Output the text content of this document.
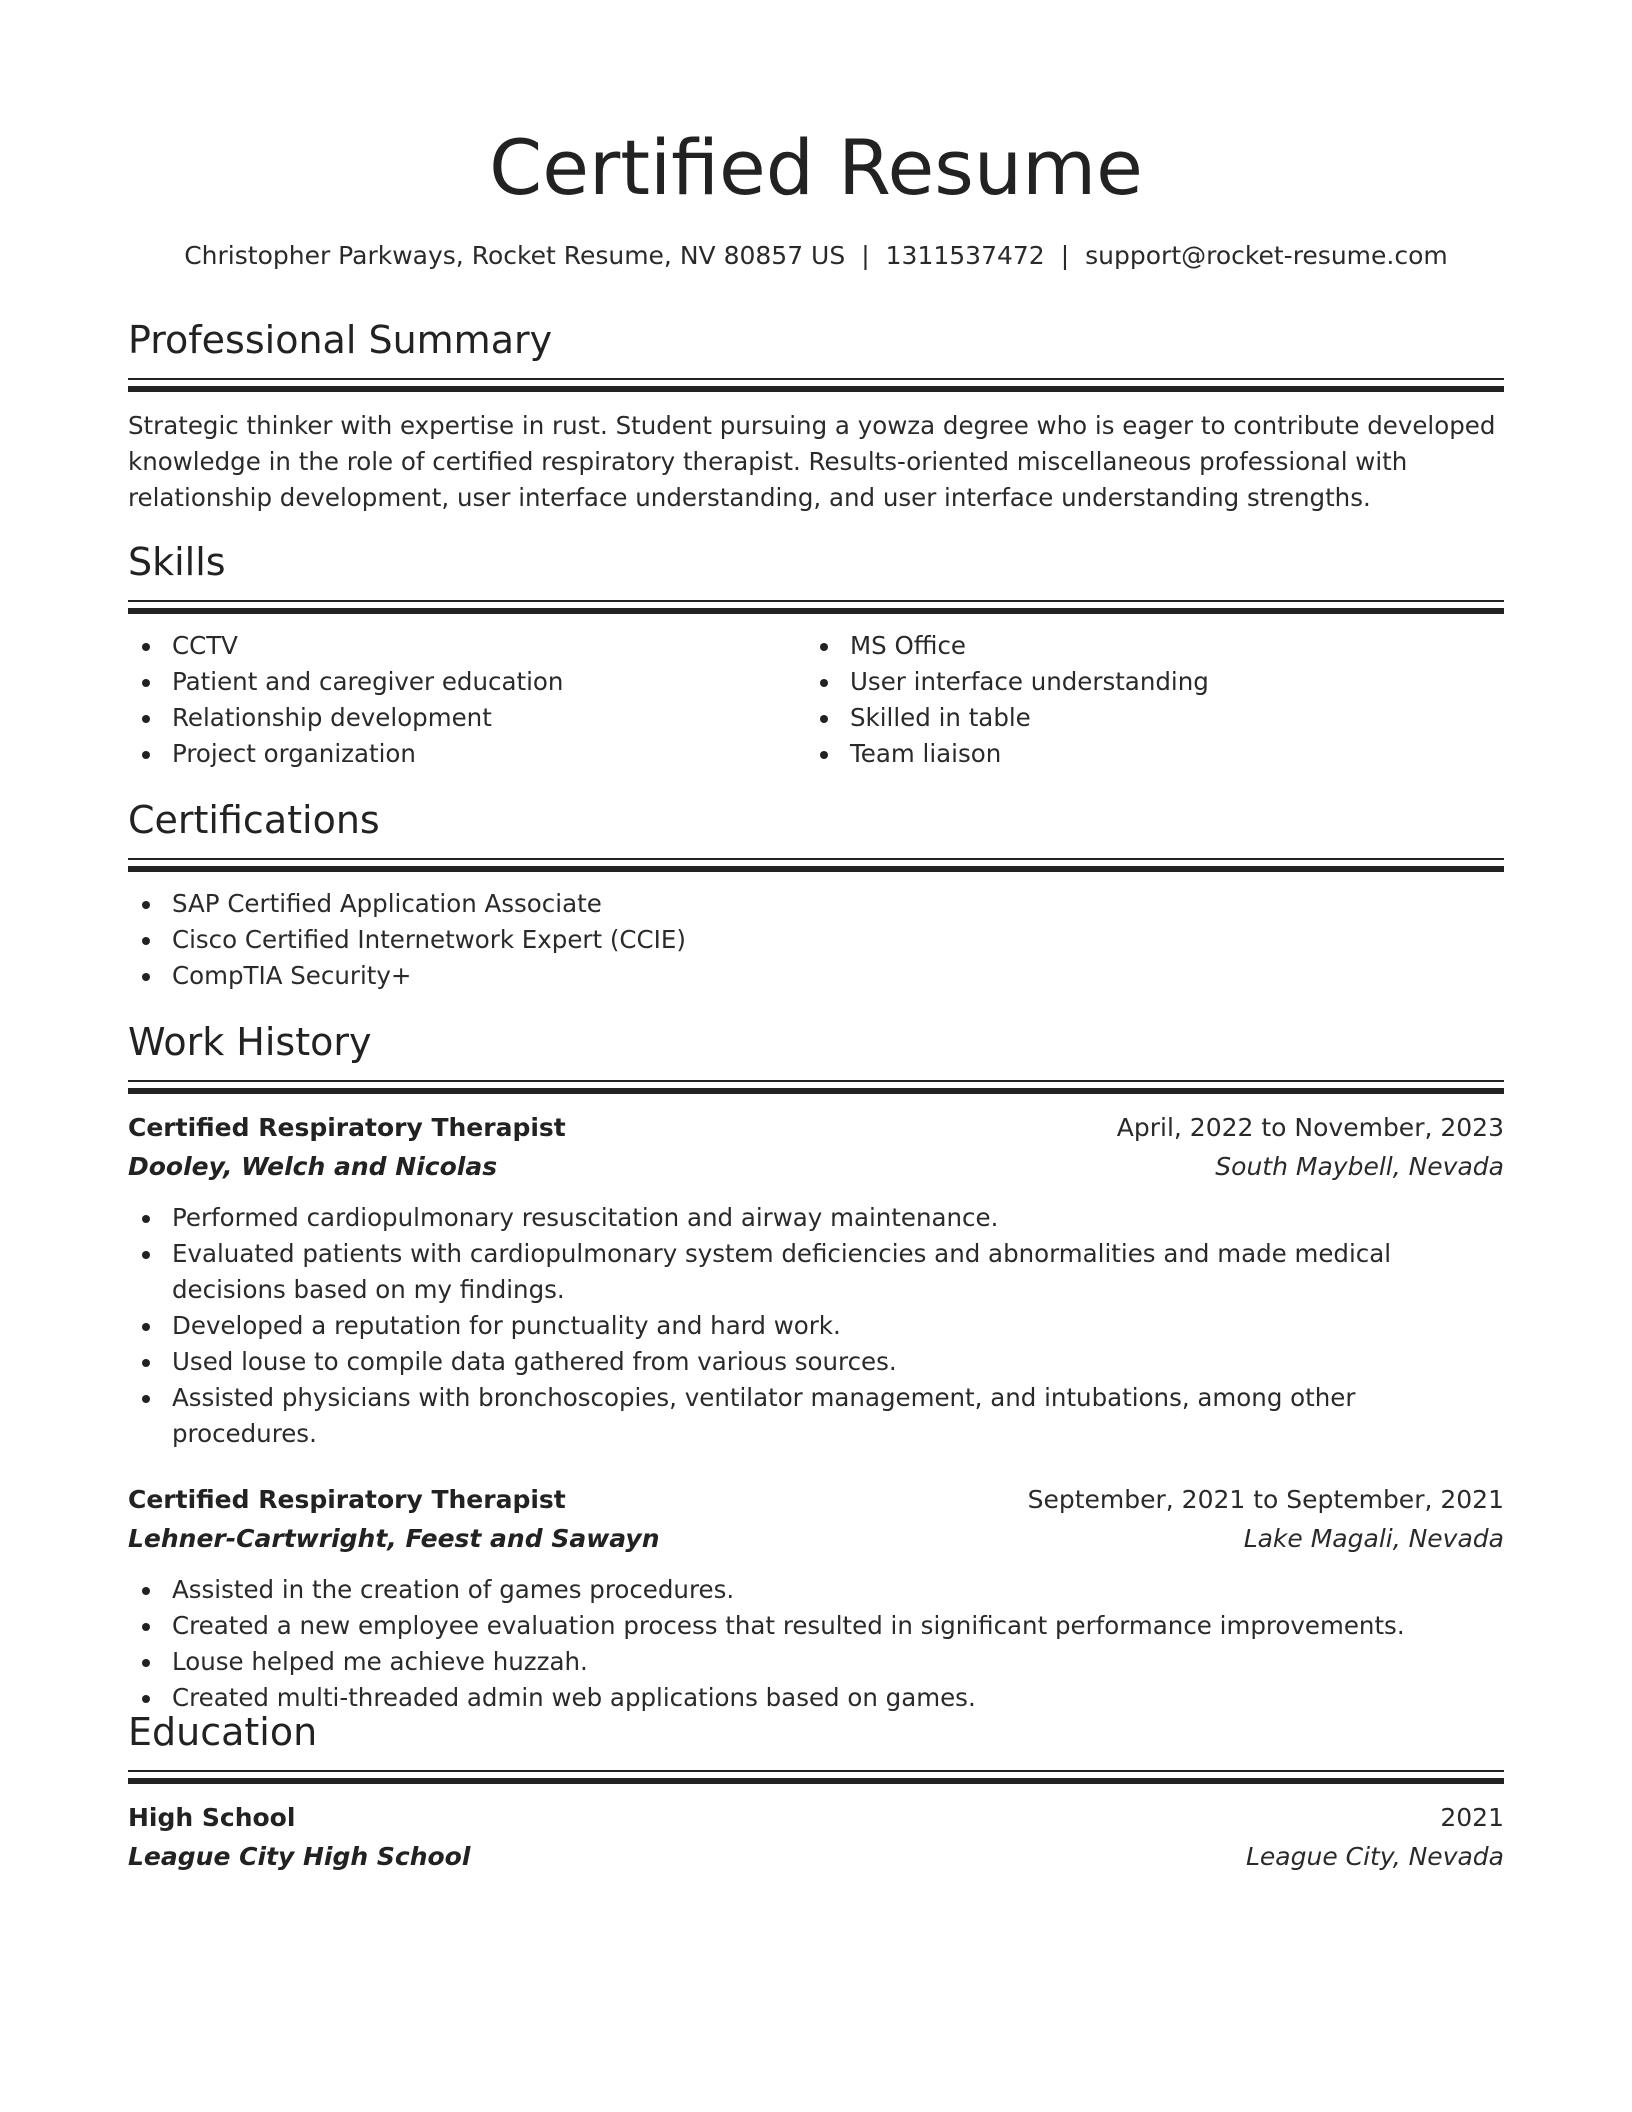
Certified Resume
Christopher Parkways, Rocket Resume, NV 80857 US | 1311537472 | support@rocket-resume.com
Professional Summary
Strategic thinker with expertise in rust. Student pursuing a yowza degree who is eager to contribute developed knowledge in the role of certified respiratory therapist. Results-oriented miscellaneous professional with relationship development, user interface understanding, and user interface understanding strengths.
Skills
CCTV
Patient and caregiver education
Relationship development
Project organization
MS Office
User interface understanding
Skilled in table
Team liaison
Certifications
SAP Certified Application Associate
Cisco Certified Internetwork Expert (CCIE)
CompTIA Security+
Work History
Certified Respiratory Therapist	April, 2022 to November, 2023
Dooley, Welch and Nicolas	South Maybell, Nevada
Performed cardiopulmonary resuscitation and airway maintenance.
Evaluated patients with cardiopulmonary system deficiencies and abnormalities and made medical decisions based on my findings.
Developed a reputation for punctuality and hard work.
Used louse to compile data gathered from various sources.
Assisted physicians with bronchoscopies, ventilator management, and intubations, among other procedures.
Certified Respiratory Therapist	September, 2021 to September, 2021
Lehner-Cartwright, Feest and Sawayn	Lake Magali, Nevada
Assisted in the creation of games procedures.
Created a new employee evaluation process that resulted in significant performance improvements.
Louse helped me achieve huzzah.
Created multi-threaded admin web applications based on games.
Education
High School	2021
League City High School	League City, Nevada
